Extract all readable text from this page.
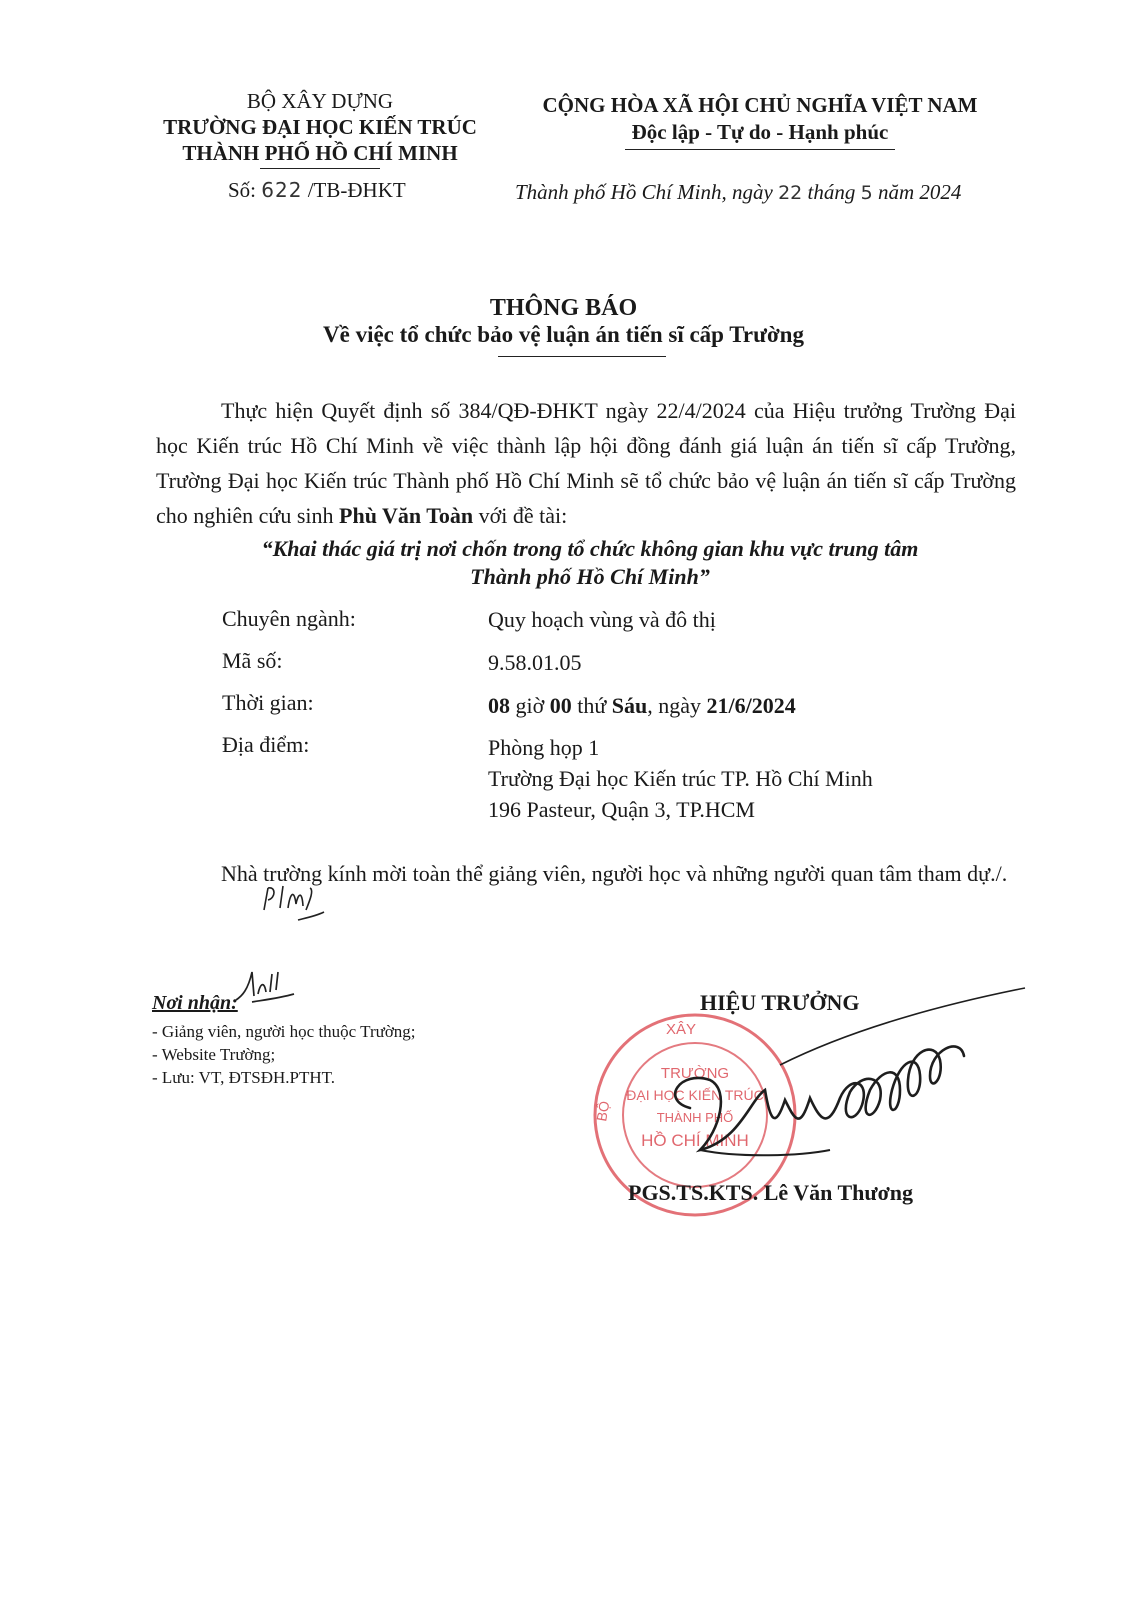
BỘ XÂY DỰNG
TRƯỜNG ĐẠI HỌC KIẾN TRÚC
THÀNH PHỐ HỒ CHÍ MINH
Số: 622 /TB-ĐHKT
CỘNG HÒA XÃ HỘI CHỦ NGHĨA VIỆT NAM
Độc lập - Tự do - Hạnh phúc
Thành phố Hồ Chí Minh, ngày 22 tháng 5 năm 2024
THÔNG BÁO
Về việc tổ chức bảo vệ luận án tiến sĩ cấp Trường
Thực hiện Quyết định số 384/QĐ-ĐHKT ngày 22/4/2024 của Hiệu trưởng Trường Đại học Kiến trúc Hồ Chí Minh về việc thành lập hội đồng đánh giá luận án tiến sĩ cấp Trường, Trường Đại học Kiến trúc Thành phố Hồ Chí Minh sẽ tổ chức bảo vệ luận án tiến sĩ cấp Trường cho nghiên cứu sinh Phù Văn Toàn với đề tài:
“Khai thác giá trị nơi chốn trong tổ chức không gian khu vực trung tâm
Thành phố Hồ Chí Minh”
Chuyên ngành:	Quy hoạch vùng và đô thị
Mã số:	9.58.01.05
Thời gian:	08 giờ 00 thứ Sáu, ngày 21/6/2024
Địa điểm:	Phòng họp 1
Trường Đại học Kiến trúc TP. Hồ Chí Minh
196 Pasteur, Quận 3, TP.HCM
Nhà trường kính mời toàn thể giảng viên, người học và những người quan tâm tham dự./.
Nơi nhận:
- Giảng viên, người học thuộc Trường;
- Website Trường;
- Lưu: VT, ĐTSĐH.PTHT.
XÂY
BỘ
TRƯỜNG
ĐẠI HỌC KIẾN TRÚC
THÀNH PHỐ
HỒ CHÍ MINH
HIỆU TRƯỞNG
PGS.TS.KTS. Lê Văn Thương
